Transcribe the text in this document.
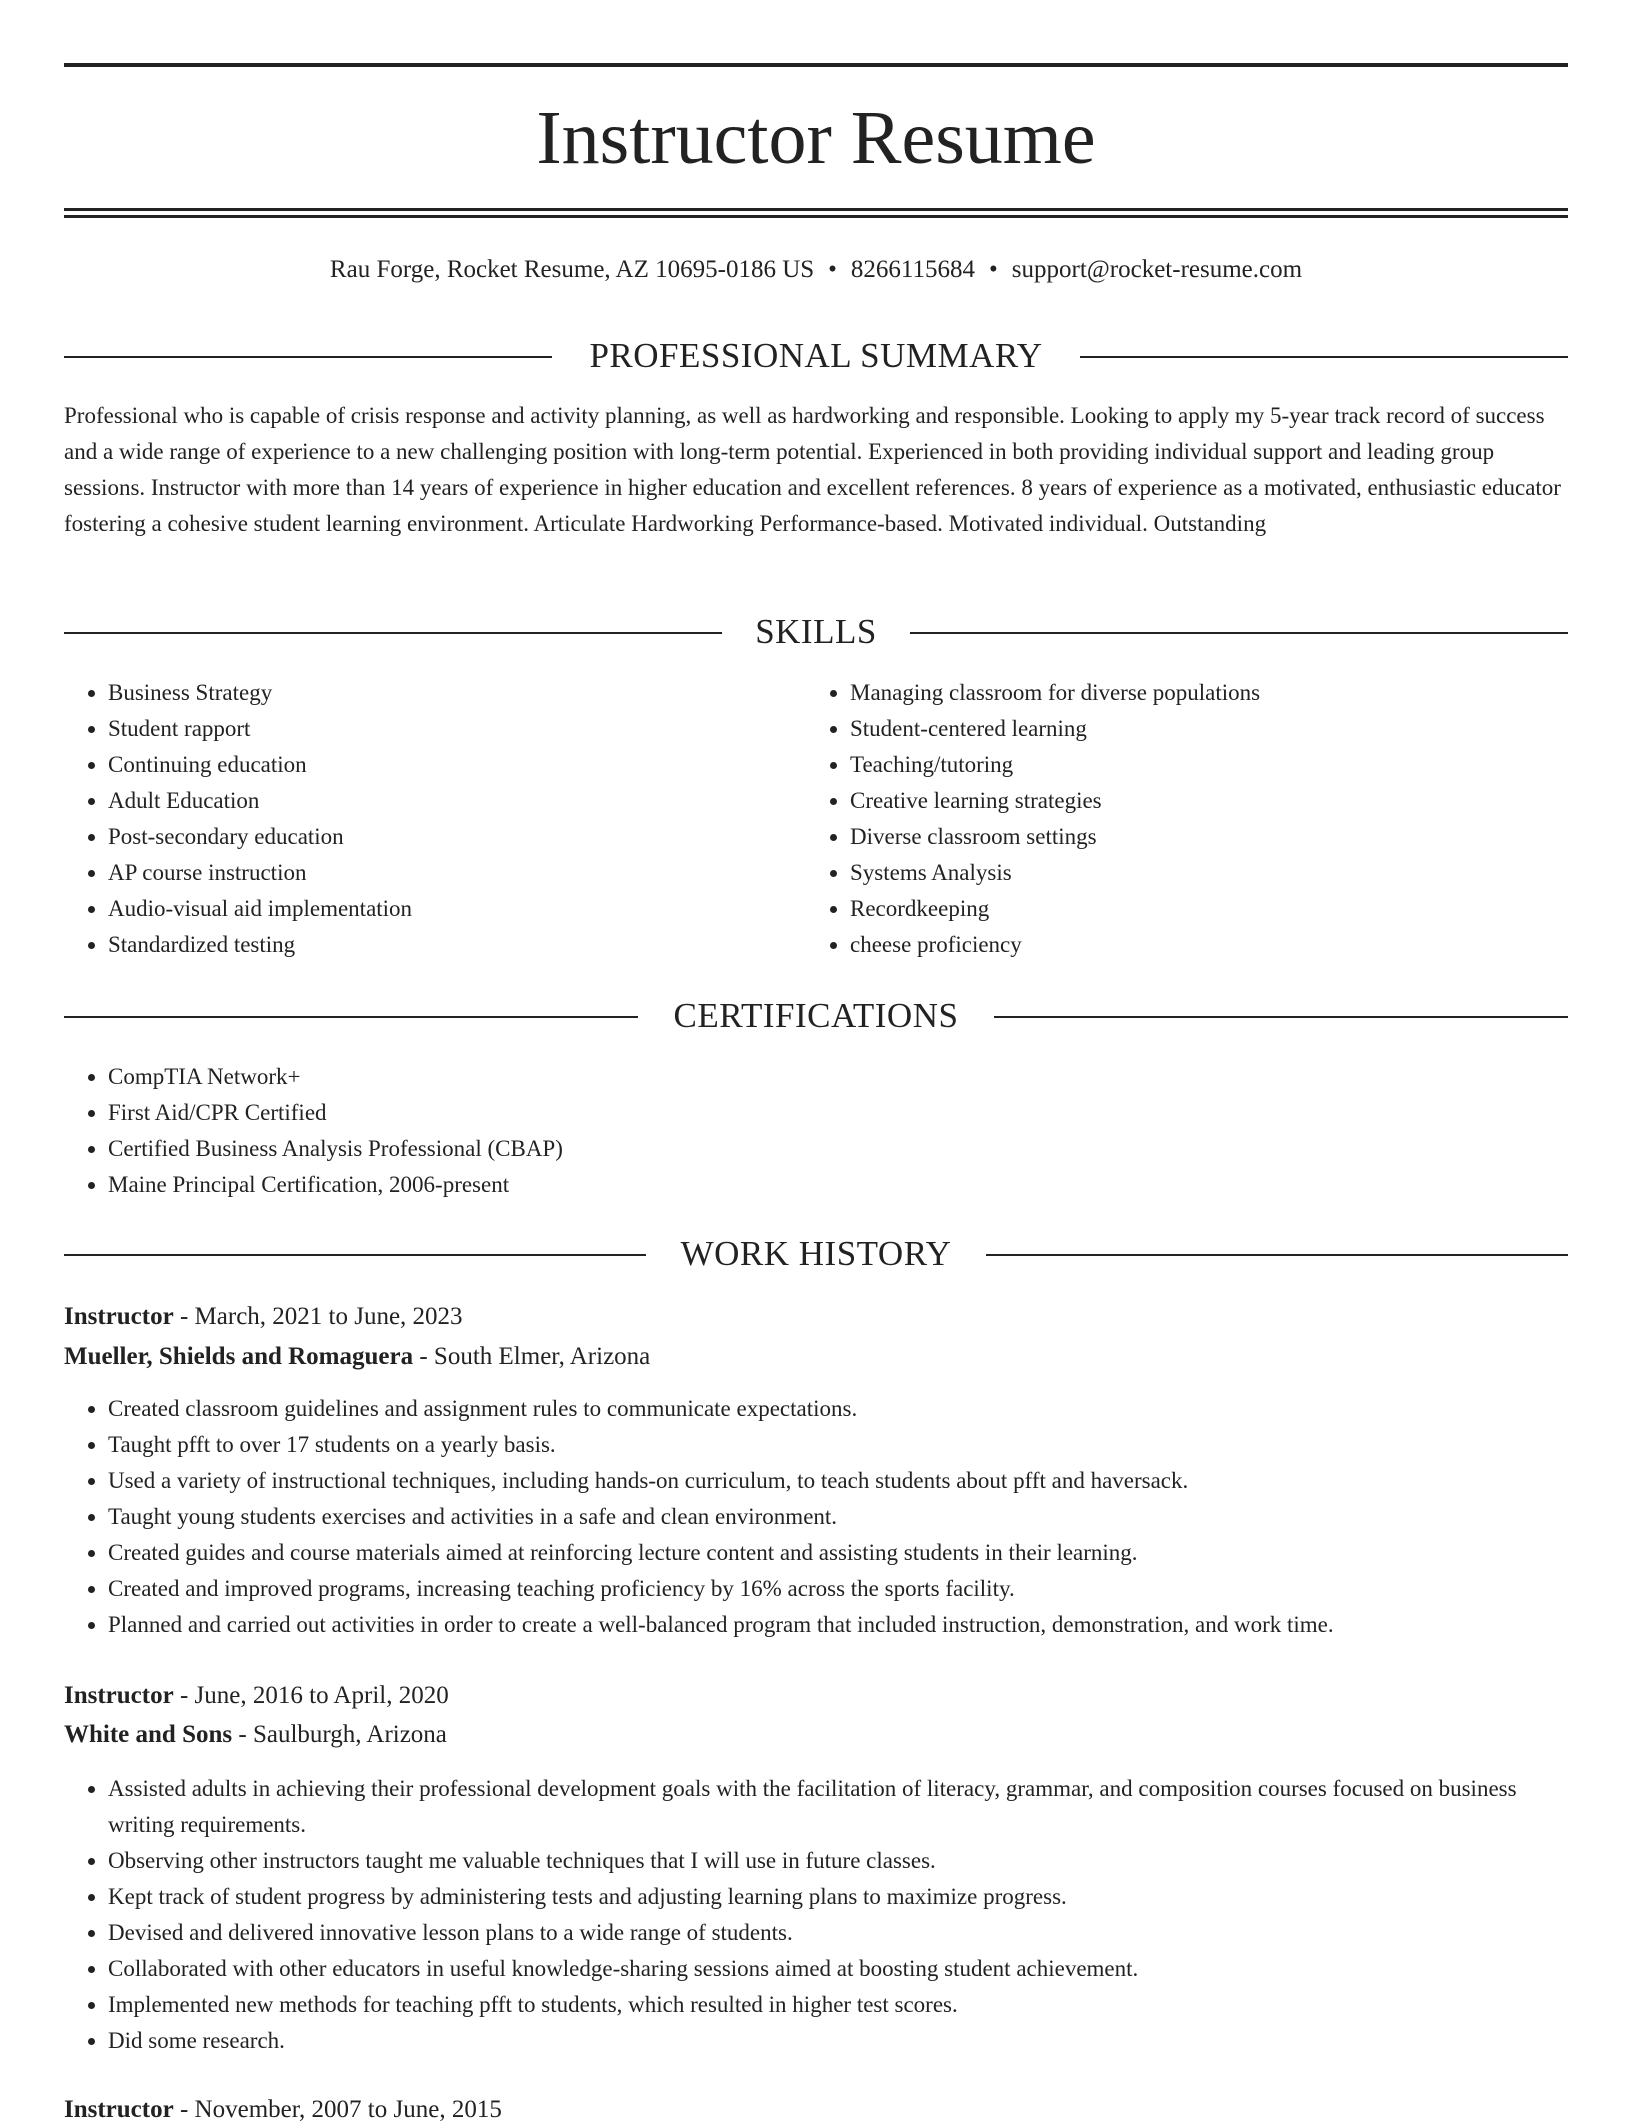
Instructor Resume
Rau Forge, Rocket Resume, AZ 10695-0186 US • 8266115684 • support@rocket-resume.com
PROFESSIONAL SUMMARY

Professional who is capable of crisis response and activity planning, as well as hardworking and responsible. Looking to apply my 5-year track record of success and a wide range of experience to a new challenging position with long-term potential. Experienced in both providing individual support and leading group sessions. Instructor with more than 14 years of experience in higher education and excellent references. 8 years of experience as a motivated, enthusiastic educator fostering a cohesive student learning environment. Articulate Hardworking Performance-based. Motivated individual. Outstanding

SKILLS
• Business Strategy
• Student rapport
• Continuing education
• Adult Education
• Post-secondary education
• AP course instruction
• Audio-visual aid implementation
• Standardized testing
• Managing classroom for diverse populations
• Student-centered learning
• Teaching/tutoring
• Creative learning strategies
• Diverse classroom settings
• Systems Analysis
• Recordkeeping
• cheese proficiency
CERTIFICATIONS
• CompTIA Network+
• First Aid/CPR Certified
• Certified Business Analysis Professional (CBAP)
• Maine Principal Certification, 2006-present
WORK HISTORY
Instructor - March, 2021 to June, 2023
Mueller, Shields and Romaguera - South Elmer, Arizona
• Created classroom guidelines and assignment rules to communicate expectations.
• Taught pfft to over 17 students on a yearly basis.
• Used a variety of instructional techniques, including hands-on curriculum, to teach students about pfft and haversack.
• Taught young students exercises and activities in a safe and clean environment.
• Created guides and course materials aimed at reinforcing lecture content and assisting students in their learning.
• Created and improved programs, increasing teaching proficiency by 16% across the sports facility.
• Planned and carried out activities in order to create a well-balanced program that included instruction, demonstration, and work time.
Instructor - June, 2016 to April, 2020
White and Sons - Saulburgh, Arizona
• Assisted adults in achieving their professional development goals with the facilitation of literacy, grammar, and composition courses focused on business writing requirements.
• Observing other instructors taught me valuable techniques that I will use in future classes.
• Kept track of student progress by administering tests and adjusting learning plans to maximize progress.
• Devised and delivered innovative lesson plans to a wide range of students.
• Collaborated with other educators in useful knowledge-sharing sessions aimed at boosting student achievement.
• Implemented new methods for teaching pfft to students, which resulted in higher test scores.
• Did some research.
Instructor - November, 2007 to June, 2015
